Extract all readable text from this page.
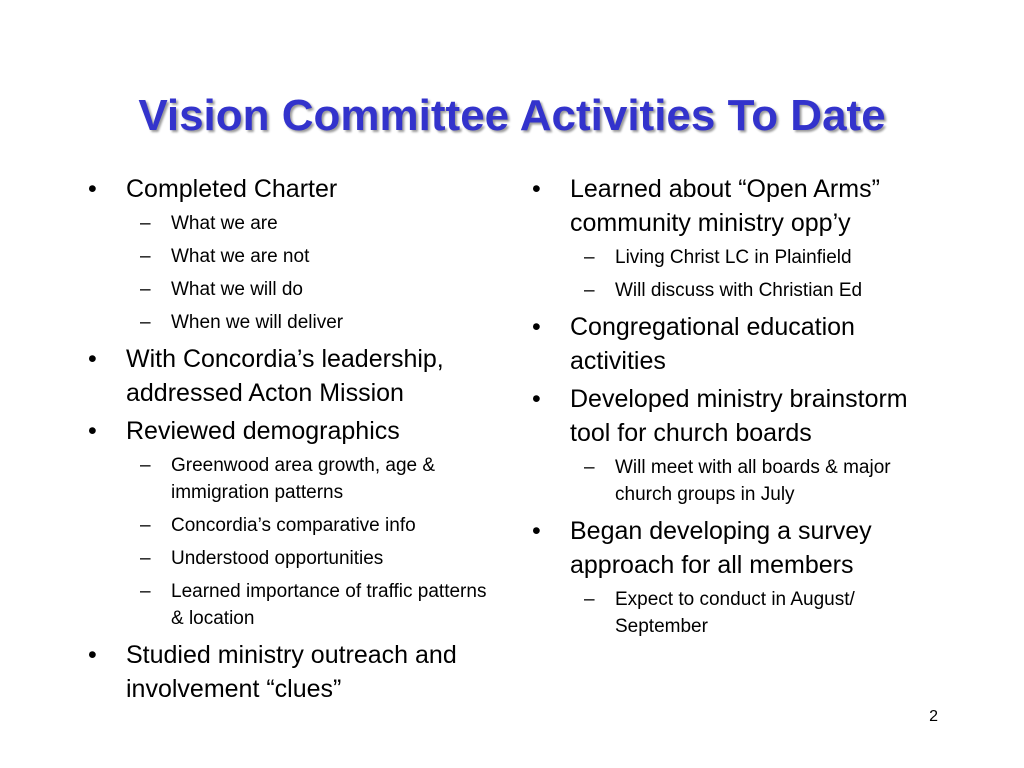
Vision Committee Activities To Date
• Completed Charter
– What we are
– What we are not
– What we will do
– When we will deliver
• With Concordia’s leadership, addressed Acton Mission
• Reviewed demographics
– Greenwood area growth, age & immigration patterns
– Concordia’s comparative info
– Understood opportunities
– Learned importance of traffic patterns & location
• Studied ministry outreach and involvement “clues”
• Learned about “Open Arms” community ministry opp’y
– Living Christ LC in Plainfield
– Will discuss with Christian Ed
• Congregational education activities
• Developed ministry brainstorm tool for church boards
– Will meet with all boards & major church groups in July
• Began developing a survey approach for all members
– Expect to conduct in August/ September
2
